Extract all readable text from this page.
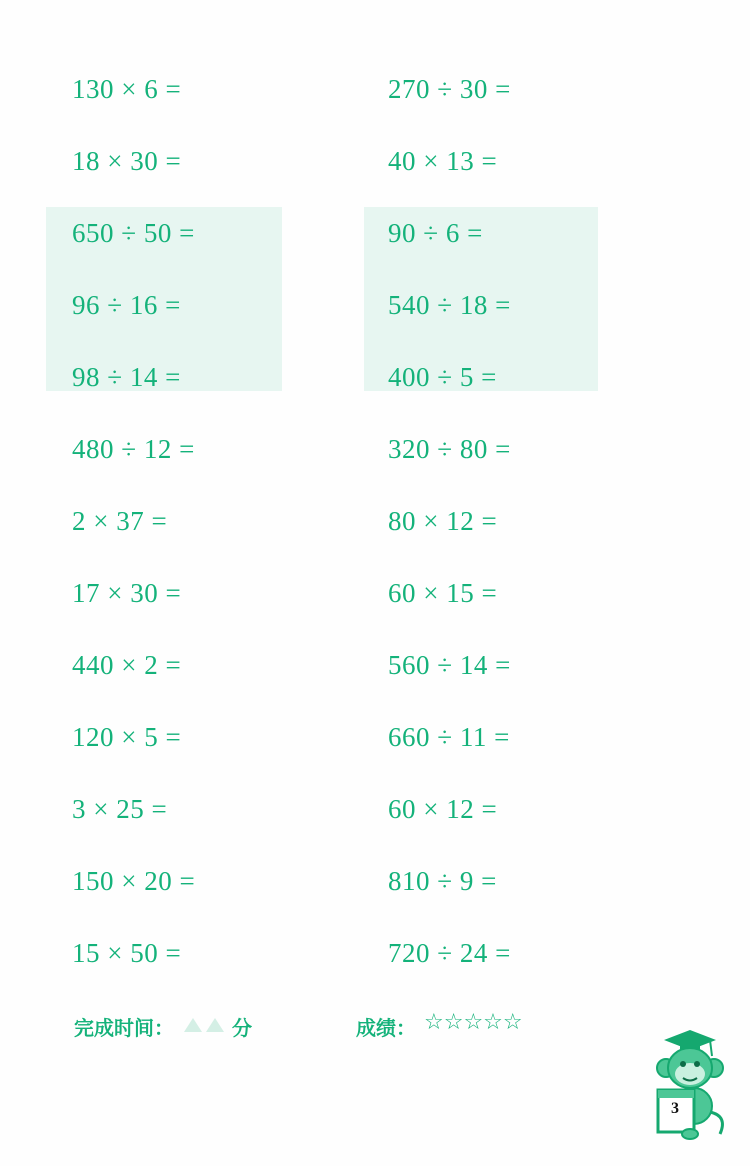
130 × 6 =
18 × 30 =
650 ÷ 50 =
96 ÷ 16 =
98 ÷ 14 =
480 ÷ 12 =
2 × 37 =
17 × 30 =
440 × 2 =
120 × 5 =
3 × 25 =
150 × 20 =
15 × 50 =
270 ÷ 30 =
40 × 13 =
90 ÷ 6 =
540 ÷ 18 =
400 ÷ 5 =
320 ÷ 80 =
80 × 12 =
60 × 15 =
560 ÷ 14 =
660 ÷ 11 =
60 × 12 =
810 ÷ 9 =
720 ÷ 24 =
完成时间：	分	成绩： ☆☆☆☆☆
3
